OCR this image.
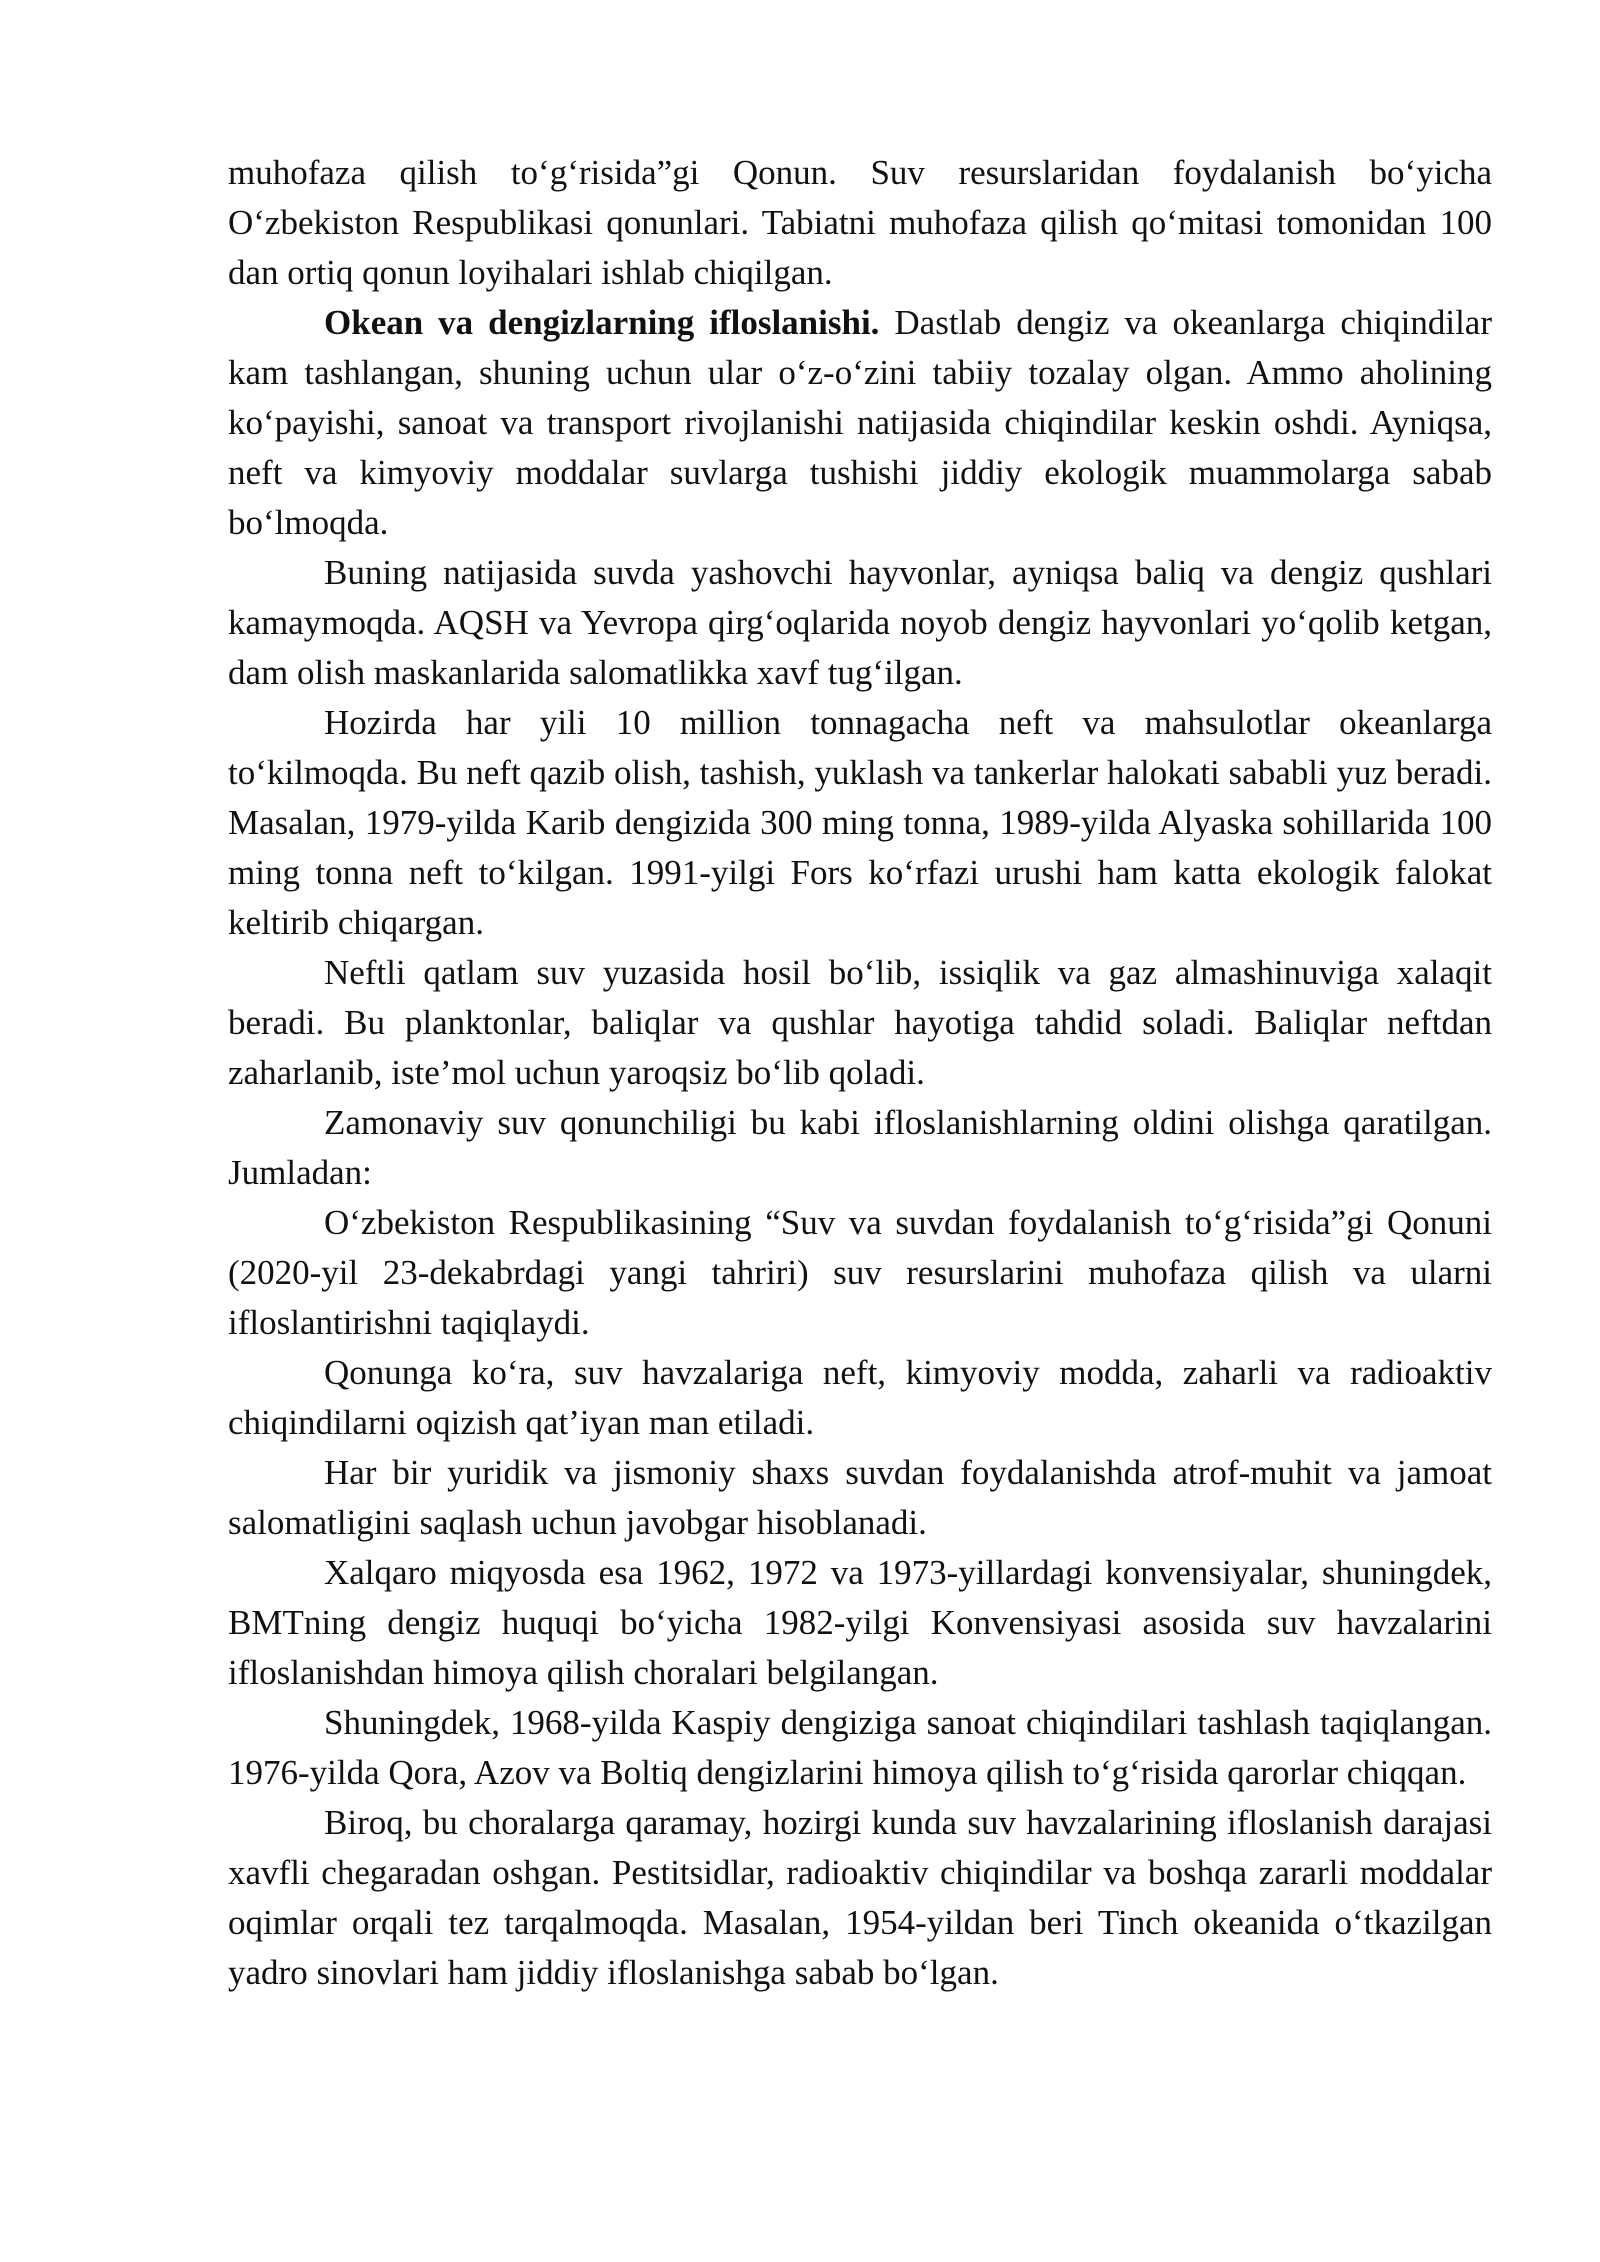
muhofaza qilish to‘g‘risida”gi Qonun. Suv resurslaridan foydalanish bo‘yicha O‘zbekiston Respublikasi qonunlari. Tabiatni muhofaza qilish qo‘mitasi tomonidan 100 dan ortiq qonun loyihalari ishlab chiqilgan.

Okean va dengizlarning ifloslanishi. Dastlab dengiz va okeanlarga chiqindilar kam tashlangan, shuning uchun ular o‘z-o‘zini tabiiy tozalay olgan. Ammo aholining ko‘payishi, sanoat va transport rivojlanishi natijasida chiqindilar keskin oshdi. Ayniqsa, neft va kimyoviy moddalar suvlarga tushishi jiddiy ekologik muammolarga sabab bo‘lmoqda.

Buning natijasida suvda yashovchi hayvonlar, ayniqsa baliq va dengiz qushlari kamaymoqda. AQSH va Yevropa qirg‘oqlarida noyob dengiz hayvonlari yo‘qolib ketgan, dam olish maskanlarida salomatlikka xavf tug‘ilgan.

Hozirda har yili 10 million tonnagacha neft va mahsulotlar okeanlarga to‘kilmoqda. Bu neft qazib olish, tashish, yuklash va tankerlar halokati sababli yuz beradi. Masalan, 1979-yilda Karib dengizida 300 ming tonna, 1989-yilda Alyaska sohillarida 100 ming tonna neft to‘kilgan. 1991-yilgi Fors ko‘rfazi urushi ham katta ekologik falokat keltirib chiqargan.

Neftli qatlam suv yuzasida hosil bo‘lib, issiqlik va gaz almashinuviga xalaqit beradi. Bu planktonlar, baliqlar va qushlar hayotiga tahdid soladi. Baliqlar neftdan zaharlanib, iste’mol uchun yaroqsiz bo‘lib qoladi.

Zamonaviy suv qonunchiligi bu kabi ifloslanishlarning oldini olishga qaratilgan. Jumladan:

O‘zbekiston Respublikasining “Suv va suvdan foydalanish to‘g‘risida”gi Qonuni (2020-yil 23-dekabrdagi yangi tahriri) suv resurslarini muhofaza qilish va ularni ifloslantirishni taqiqlaydi.

Qonunga ko‘ra, suv havzalariga neft, kimyoviy modda, zaharli va radioaktiv chiqindilarni oqizish qat’iyan man etiladi.

Har bir yuridik va jismoniy shaxs suvdan foydalanishda atrof-muhit va jamoat salomatligini saqlash uchun javobgar hisoblanadi.

Xalqaro miqyosda esa 1962, 1972 va 1973-yillardagi konvensiyalar, shuningdek, BMTning dengiz huquqi bo‘yicha 1982-yilgi Konvensiyasi asosida suv havzalarini ifloslanishdan himoya qilish choralari belgilangan.

Shuningdek, 1968-yilda Kaspiy dengiziga sanoat chiqindilari tashlash taqiqlangan. 1976-yilda Qora, Azov va Boltiq dengizlarini himoya qilish to‘g‘risida qarorlar chiqqan.

Biroq, bu choralarga qaramay, hozirgi kunda suv havzalarining ifloslanish darajasi xavfli chegaradan oshgan. Pestitsidlar, radioaktiv chiqindilar va boshqa zararli moddalar oqimlar orqali tez tarqalmoqda. Masalan, 1954-yildan beri Tinch okeanida o‘tkazilgan yadro sinovlari ham jiddiy ifloslanishga sabab bo‘lgan.
